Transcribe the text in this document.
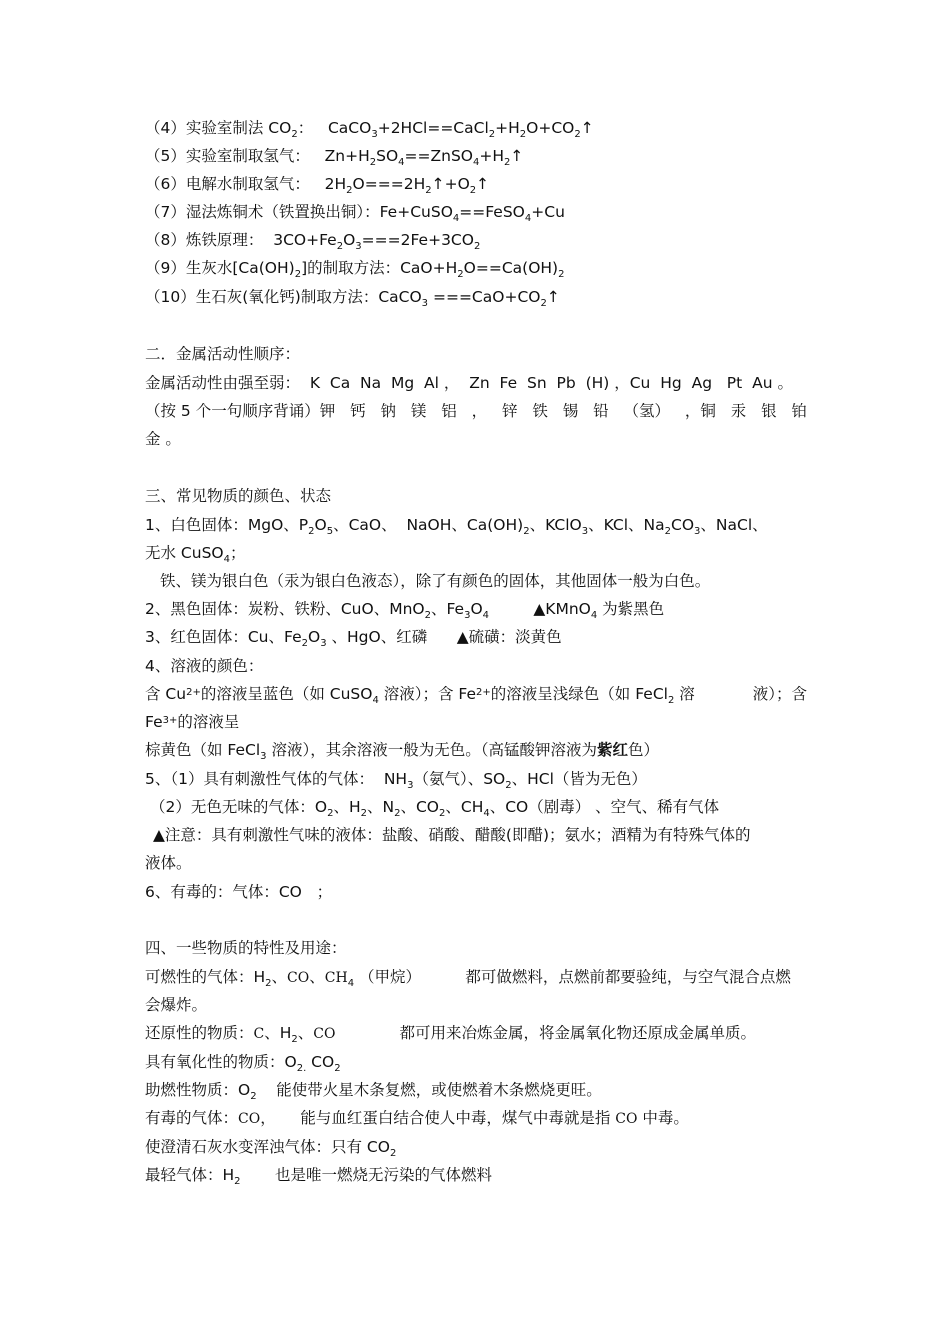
（4）实验室制法 $CO_2$：   $CaCO_3+2HCl==CaCl_2+H_2O+CO_2↑$
（5）实验室制取氢气：   $Zn+H_2SO_4==ZnSO_4+H_2↑$
（6）电解水制取氢气：   $2H_2O===2H_2↑+O_2↑$
（7）湿法炼铜术（铁置换出铜）：Fe+CuSO$_4$==FeSO$_4$+Cu
（8）炼铁原理：  $3CO+Fe_2O_3===2Fe+3CO_2$
（9）生灰水$[Ca(OH)_2]$的制取方法：$CaO+H_2O==Ca(OH)_2$
（10）生石灰(氧化钙)制取方法：CaCO$_3$ $===CaO+CO_2↑$
二．金属活动性顺序：
金属活动性由强至弱：  K  Ca  Na  Mg  Al ，  Zn  Fe  Sn  Pb  (H) ，Cu  Hg  Ag   Pt  Au 。
（按 5 个一句顺序背诵）钾 钙 钠 镁 铝 ， 锌 铁 锡 铅 （氢） ，铜 汞 银 铂
金 。
三、常见物质的颜色、状态
1、白色固体：MgO、$P_2O_5$、CaO、  NaOH、$Ca(OH)_2$、KClO$_3$、KCl、$Na_2CO_3$、NaCl、
无水 CuSO$_4$；
铁、镁为银白色（汞为银白色液态），除了有颜色的固体，其他固体一般为白色。
2、黑色固体：炭粉、铁粉、CuO、MnO$_2$、$Fe_3O_4$         ▲KMnO$_4$ 为紫黑色
3、红色固体：Cu、$Fe_2O_3$ 、HgO、红磷      ▲硫磺：淡黄色
4、溶液的颜色：
含 $Cu^{2+}$的溶液呈蓝色（如 CuSO$_4$ 溶液）；含 $Fe^{2+}$的溶液呈浅绿色（如 FeCl$_2$ 溶	液）；含
$Fe^{3+}$的溶液呈
棕黄色（如 FeCl$_3$ 溶液），其余溶液一般为无色。（高锰酸钾溶液为紫红色）
5、（1）具有刺激性气体的气体：  $NH_3$（氨气）、$SO_2$、HCl（皆为无色）
（2）无色无味的气体：$O_2$、$H_2$、$N_2$、$CO_2$、$CH_4$、CO（剧毒） 、空气、稀有气体
▲注意：具有刺激性气味的液体：盐酸、硝酸、醋酸(即醋)；氨水；酒精为有特殊气体的
液体。
6、有毒的：气体：CO   ；
四、一些物质的特性及用途：
可燃性的气体：$H_2$、CO、$CH_4$ （甲烷）         都可做燃料，点燃前都要验纯，与空气混合点燃
会爆炸。
还原性的物质：C、$H_2$、CO             都可用来冶炼金属，将金属氧化物还原成金属单质。
具有氧化性的物质：$O_{2.}$ $CO_2$
助燃性物质：$O_2$    能使带火星木条复燃，或使燃着木条燃烧更旺。
有毒的气体：CO，     能与血红蛋白结合使人中毒，煤气中毒就是指 CO 中毒。
使澄清石灰水变浑浊气体：只有 $CO_2$
最轻气体：$H_2$       也是唯一燃烧无污染的气体燃料
